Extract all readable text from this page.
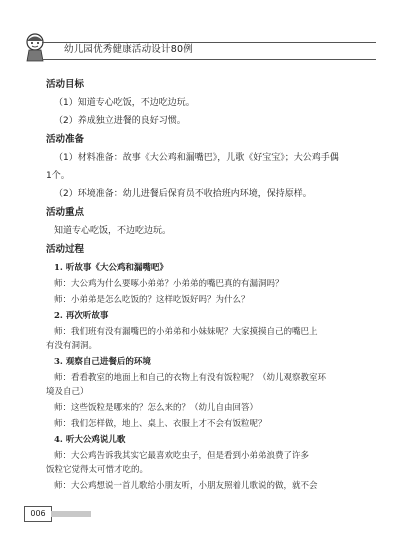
幼儿园优秀健康活动设计80例

活动目标

（1）知道专心吃饭，不边吃边玩。

（2）养成独立进餐的良好习惯。

活动准备

（1）材料准备：故事《大公鸡和漏嘴巴》，儿歌《好宝宝》；大公鸡手偶

1个。

（2）环境准备：幼儿进餐后保育员不收拾班内环境，保持原样。

活动重点

知道专心吃饭，不边吃边玩。

活动过程

1. 听故事《大公鸡和漏嘴吧》

师：大公鸡为什么要啄小弟弟？小弟弟的嘴巴真的有漏洞吗？

师：小弟弟是怎么吃饭的？这样吃饭好吗？为什么？

2. 再次听故事

师：我们班有没有漏嘴巴的小弟弟和小妹妹呢？大家摸摸自己的嘴巴上

有没有洞洞。

3. 观察自己进餐后的环境

师：看看教室的地面上和自己的衣物上有没有饭粒呢？（幼儿观察教室环

境及自己）

师：这些饭粒是哪来的？怎么来的？（幼儿自由回答）

师：我们怎样做，地上、桌上、衣服上才不会有饭粒呢？

4. 听大公鸡说儿歌

师：大公鸡告诉我其实它最喜欢吃虫子，但是看到小弟弟浪费了许多

饭粒它觉得太可惜才吃的。

师：大公鸡想说一首儿歌给小朋友听，小朋友照着儿歌说的做，就不会

006
